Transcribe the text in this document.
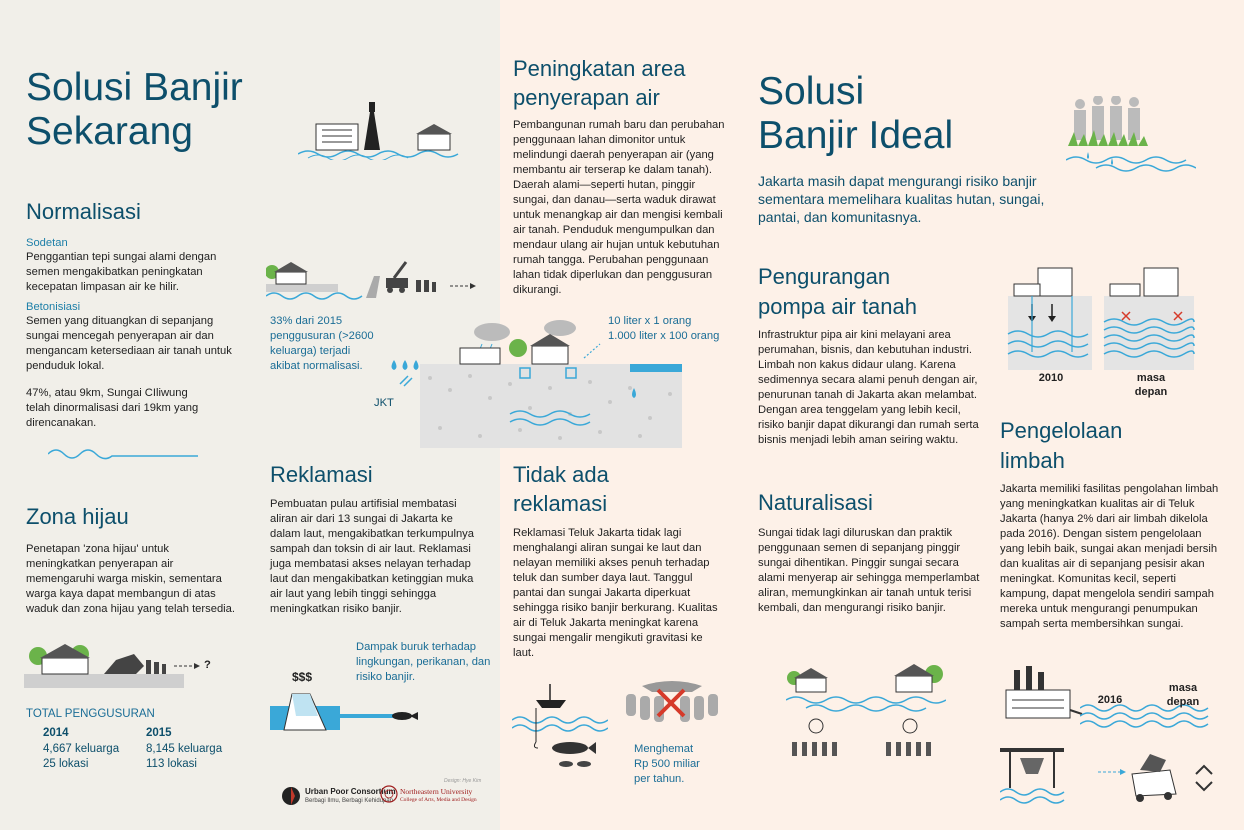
Solusi Banjir
Sekarang
Normalisasi
Sodetan
Penggantian tepi sungai alami dengan semen mengakibatkan peningkatan kecepatan limpasan air ke hilir.
Betonisiasi
Semen yang dituangkan di sepanjang sungai mencegah penyerapan air dan mengancam ketersediaan air tanah untuk penduduk lokal.
47%, atau 9km, Sungai CIliwung telah dinormalisasi dari 19km yang direncanakan.
Zona hijau
Penetapan 'zona hijau' untuk meningkatkan penyerapan air memengaruhi warga miskin, sementara warga kaya dapat membangun di atas waduk dan zona hijau yang telah tersedia.
?
TOTAL PENGGUSURAN
2014
4,667 keluarga
25 lokasi
2015
8,145 keluarga
113 lokasi
33% dari 2015 penggusuran (>2600 keluarga) terjadi akibat normalisasi.
JKT
Reklamasi
Pembuatan pulau artifisial membatasi aliran air dari 13 sungai di Jakarta ke dalam laut, mengakibatkan terkumpulnya sampah dan toksin di air laut. Reklamasi juga membatasi akses nelayan terhadap laut dan mengakibatkan ketinggian muka air laut yang lebih tinggi sehingga meningkatkan risiko banjir.
Dampak buruk terhadap lingkungan, perikanan, dan risiko banjir.
$$$
Urban Poor Consortium
Berbagi Ilmu, Berbagi Kehidupan
Northeastern University
College of Arts, Media and Design
Design: Hye Kim
Peningkatan area
penyerapan air
Pembangunan rumah baru dan perubahan penggunaan lahan dimonitor untuk melindungi daerah penyerapan air (yang membantu air terserap ke dalam tanah). Daerah alami—seperti hutan, pinggir sungai, dan danau—serta waduk dirawat untuk menangkap air dan mengisi kembali air tanah. Penduduk mengumpulkan dan mendaur ulang air hujan untuk kebutuhan rumah tangga. Perubahan penggunaan lahan tidak diperlukan dan penggusuran dikurangi.
10 liter x 1 orang
1.000 liter x 100 orang
Tidak ada
reklamasi
Reklamasi Teluk Jakarta tidak lagi menghalangi aliran sungai ke laut dan nelayan memiliki akses penuh terhadap teluk dan sumber daya laut. Tanggul pantai dan sungai Jakarta diperkuat sehingga risiko banjir berkurang. Kualitas air di Teluk Jakarta meningkat karena sungai mengalir mengikuti gravitasi ke laut.
Menghemat
Rp 500 miliar
per tahun.
Solusi
Banjir Ideal
Jakarta masih dapat mengurangi risiko banjir sementara memelihara kualitas hutan, sungai, pantai, dan komunitasnya.
Pengurangan
pompa air tanah
Infrastruktur pipa air kini melayani area perumahan, bisnis, dan kebutuhan industri. Limbah non kakus didaur ulang. Karena sedimennya secara alami penuh dengan air, penurunan tanah di Jakarta akan melambat. Dengan area tenggelam yang lebih kecil, risiko banjir dapat dikurangi dan rumah serta bisnis menjadi lebih aman seiring waktu.
2010	masa
depan
Pengelolaan
limbah
Jakarta memiliki fasilitas pengolahan limbah yang meningkatkan kualitas air di Teluk Jakarta (hanya 2% dari air limbah dikelola pada 2016). Dengan sistem pengelolaan yang lebih baik, sungai akan menjadi bersih dan kualitas air di sepanjang pesisir akan meningkat. Komunitas kecil, seperti kampung, dapat mengelola sendiri sampah mereka untuk mengurangi penumpukan sampah serta membersihkan sungai.
Naturalisasi
Sungai tidak lagi diluruskan dan praktik penggunaan semen di sepanjang pinggir sungai dihentikan. Pinggir sungai secara alami menyerap air sehingga memperlambat aliran, memungkinkan air tanah untuk terisi kembali, dan mengurangi risiko banjir.
2016
masa
depan
